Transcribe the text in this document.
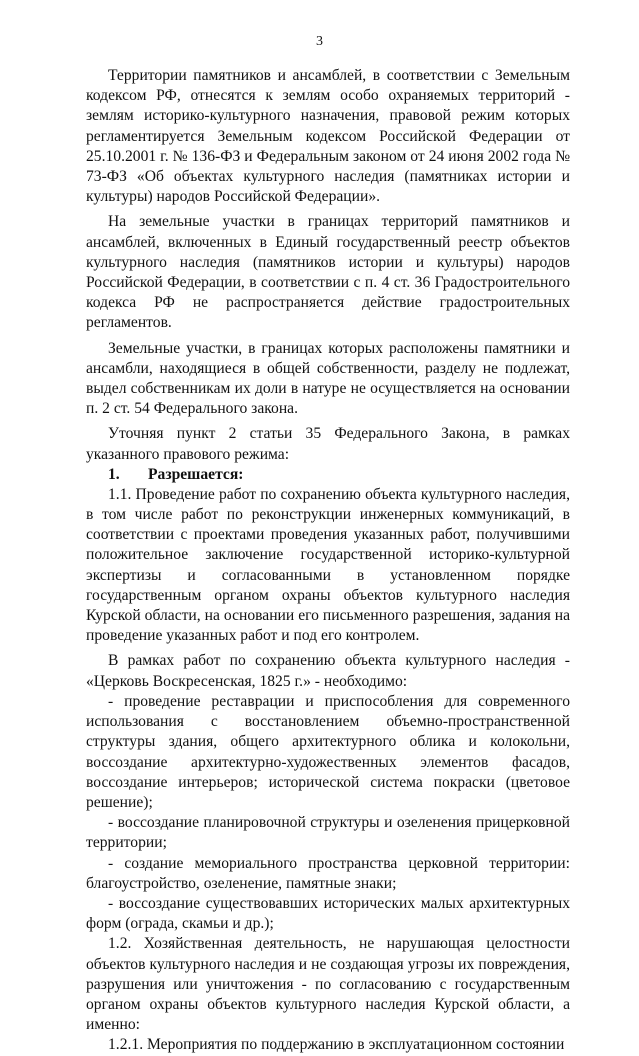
3

Территории памятников и ансамблей, в соответствии с Земельным кодексом РФ, отнесятся к землям особо охраняемых территорий - землям историко-культурного назначения, правовой режим которых регламентируется Земельным кодексом Российской Федерации от 25.10.2001 г. № 136-ФЗ и Федеральным законом от 24 июня 2002 года № 73-ФЗ «Об объектах культурного наследия (памятниках истории и культуры) народов Российской Федерации».

На земельные участки в границах территорий памятников и ансамблей, включенных в Единый государственный реестр объектов культурного наследия (памятников истории и культуры) народов Российской Федерации, в соответствии с п. 4 ст. 36 Градостроительного кодекса РФ не распространяется действие градостроительных регламентов.

Земельные участки, в границах которых расположены памятники и ансамбли, находящиеся в общей собственности, разделу не подлежат, выдел собственникам их доли в натуре не осуществляется на основании п. 2 ст. 54 Федерального закона.

Уточняя пункт 2 статьи 35 Федерального Закона, в рамках указанного правового режима:

1. Разрешается:

1.1. Проведение работ по сохранению объекта культурного наследия, в том числе работ по реконструкции инженерных коммуникаций, в соответствии с проектами проведения указанных работ, получившими положительное заключение государственной историко-культурной экспертизы и согласованными в установленном порядке государственным органом охраны объектов культурного наследия Курской области, на основании его письменного разрешения, задания на проведение указанных работ и под его контролем.

В рамках работ по сохранению объекта культурного наследия - «Церковь Воскресенская, 1825 г.» - необходимо:

- проведение реставрации и приспособления для современного использования с восстановлением объемно-пространственной структуры здания, общего архитектурного облика и колокольни, воссоздание архитектурно-художественных элементов фасадов, воссоздание интерьеров; исторической система покраски (цветовое решение);

- воссоздание планировочной структуры и озеленения прицерковной территории;

- создание мемориального пространства церковной территории: благоустройство, озеленение, памятные знаки;

- воссоздание существовавших исторических малых архитектурных форм (ограда, скамьи и др.);

1.2. Хозяйственная деятельность, не нарушающая целостности объектов культурного наследия и не создающая угрозы их повреждения, разрушения или уничтожения - по согласованию с государственным органом охраны объектов культурного наследия Курской области, а именно:

1.2.1. Мероприятия по поддержанию в эксплуатационном состоянии
